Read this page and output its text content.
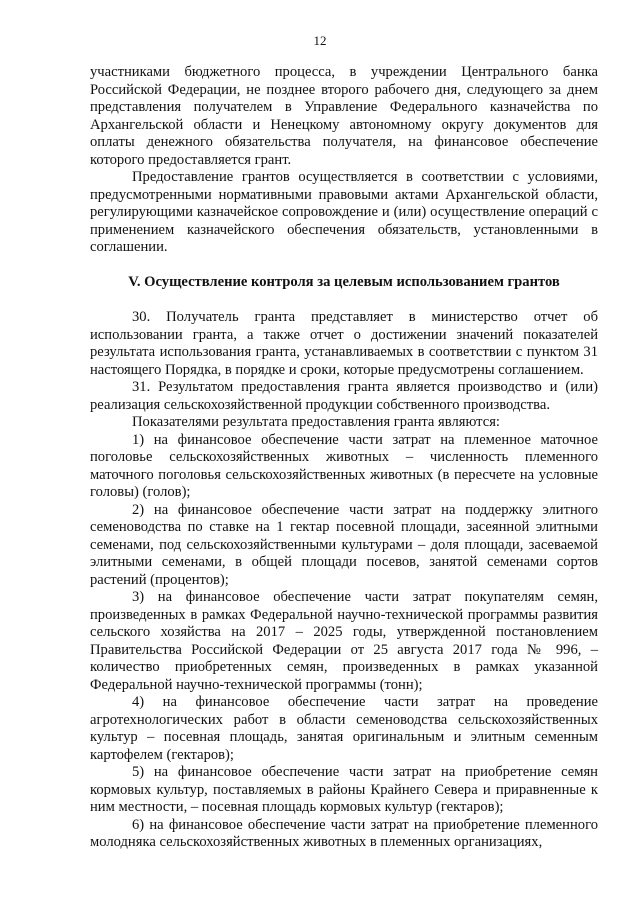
12

участниками бюджетного процесса, в учреждении Центрального банка Российской Федерации, не позднее второго рабочего дня, следующего за днем представления получателем в Управление Федерального казначейства по Архангельской области и Ненецкому автономному округу документов для оплаты денежного обязательства получателя, на финансовое обеспечение которого предоставляется грант.

Предоставление грантов осуществляется в соответствии с условиями, предусмотренными нормативными правовыми актами Архангельской области, регулирующими казначейское сопровождение и (или) осуществление операций с применением казначейского обеспечения обязательств, установленными в соглашении.

V. Осуществление контроля за целевым использованием грантов

30. Получатель гранта представляет в министерство отчет об использовании гранта, а также отчет о достижении значений показателей результата использования гранта, устанавливаемых в соответствии с пунктом 31 настоящего Порядка, в порядке и сроки, которые предусмотрены соглашением.

31. Результатом предоставления гранта является производство и (или) реализация сельскохозяйственной продукции собственного производства.

Показателями результата предоставления гранта являются:

1) на финансовое обеспечение части затрат на племенное маточное поголовье сельскохозяйственных животных – численность племенного маточного поголовья сельскохозяйственных животных (в пересчете на условные головы) (голов);

2) на финансовое обеспечение части затрат на поддержку элитного семеноводства по ставке на 1 гектар посевной площади, засеянной элитными семенами, под сельскохозяйственными культурами – доля площади, засеваемой элитными семенами, в общей площади посевов, занятой семенами сортов растений (процентов);

3) на финансовое обеспечение части затрат покупателям семян, произведенных в рамках Федеральной научно-технической программы развития сельского хозяйства на 2017 – 2025 годы, утвержденной постановлением Правительства Российской Федерации от 25 августа 2017 года № 996, – количество приобретенных семян, произведенных в рамках указанной Федеральной научно-технической программы (тонн);

4) на финансовое обеспечение части затрат на проведение агротехнологических работ в области семеноводства сельскохозяйственных культур – посевная площадь, занятая оригинальным и элитным семенным картофелем (гектаров);

5) на финансовое обеспечение части затрат на приобретение семян кормовых культур, поставляемых в районы Крайнего Севера и приравненные к ним местности, – посевная площадь кормовых культур (гектаров);

6) на финансовое обеспечение части затрат на приобретение племенного молодняка сельскохозяйственных животных в племенных организациях,
